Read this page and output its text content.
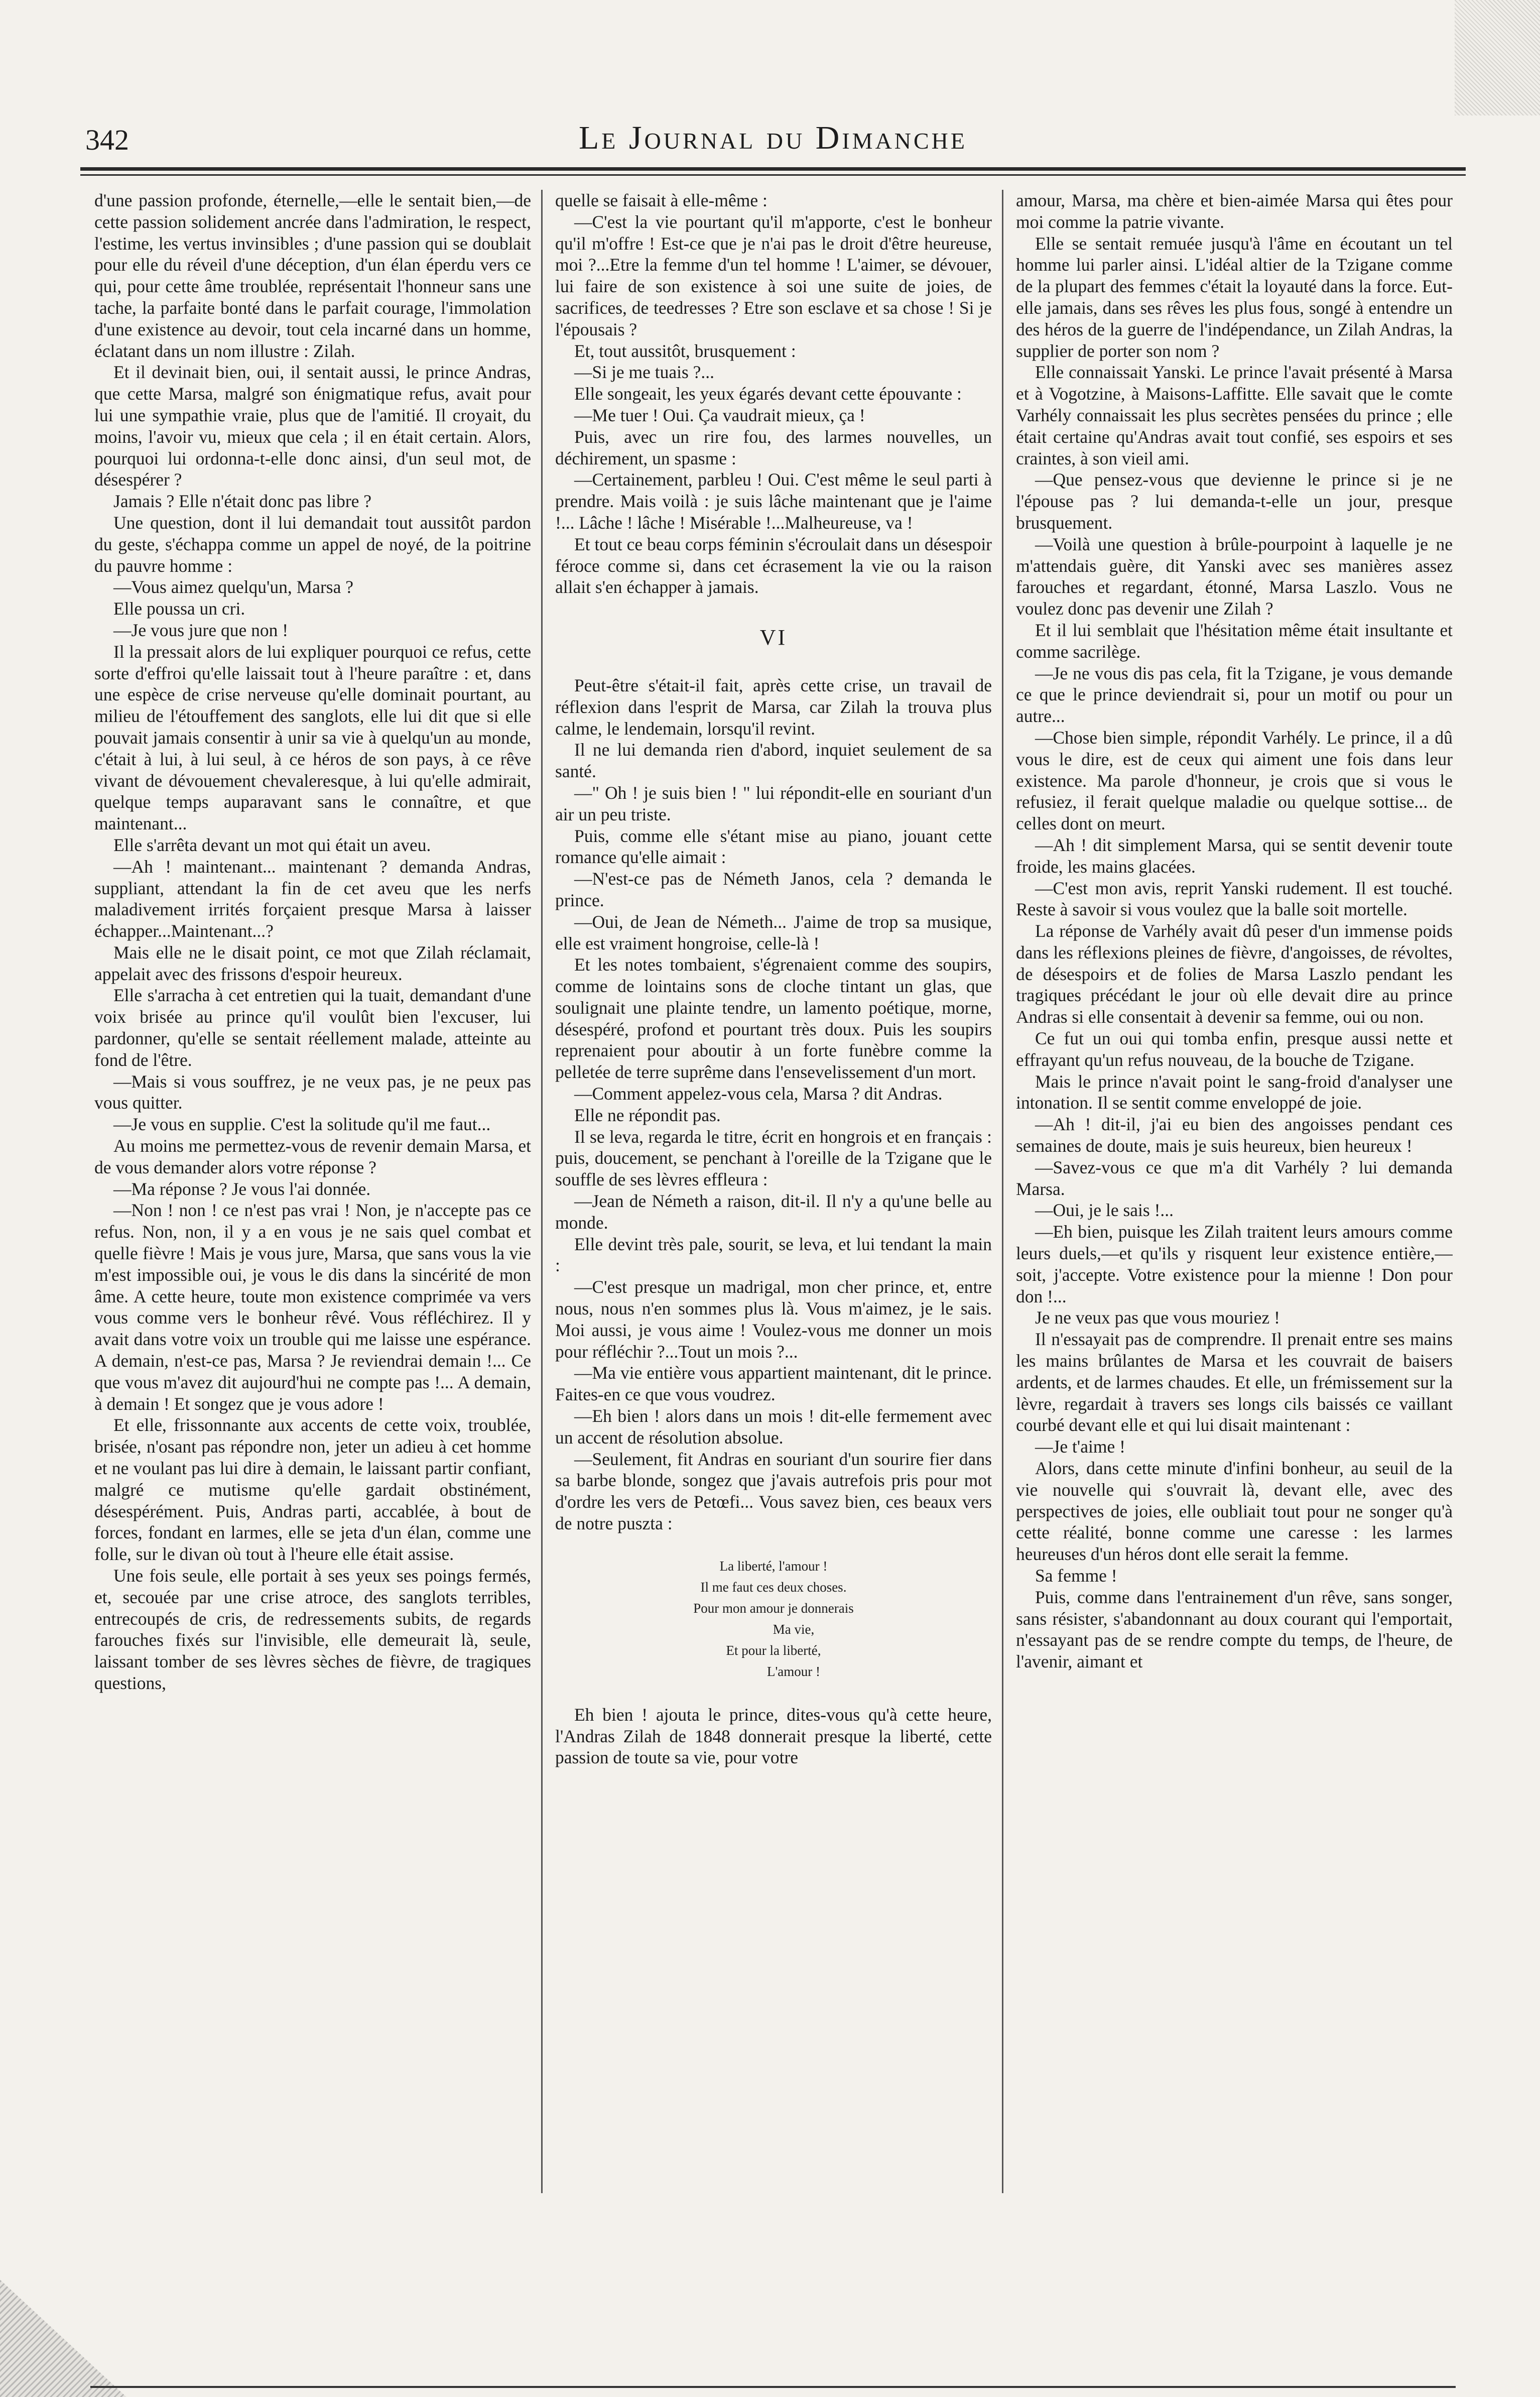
342	Le Journal du Dimanche

d'une passion profonde, éternelle,—elle le sentait bien,—de cette passion solidement ancrée dans l'admiration, le respect, l'estime, les vertus invinsibles ; d'une passion qui se doublait pour elle du réveil d'une déception, d'un élan éperdu vers ce qui, pour cette âme troublée, représentait l'honneur sans une tache, la parfaite bonté dans le parfait courage, l'immolation d'une existence au devoir, tout cela incarné dans un homme, éclatant dans un nom illustre : Zilah.

Et il devinait bien, oui, il sentait aussi, le prince Andras, que cette Marsa, malgré son énigmatique refus, avait pour lui une sympathie vraie, plus que de l'amitié. Il croyait, du moins, l'avoir vu, mieux que cela ; il en était certain. Alors, pourquoi lui ordonna-t-elle donc ainsi, d'un seul mot, de désespérer ?

Jamais ? Elle n'était donc pas libre ?

Une question, dont il lui demandait tout aussitôt pardon du geste, s'échappa comme un appel de noyé, de la poitrine du pauvre homme :

—Vous aimez quelqu'un, Marsa ?

Elle poussa un cri.

—Je vous jure que non !

Il la pressait alors de lui expliquer pourquoi ce refus, cette sorte d'effroi qu'elle laissait tout à l'heure paraître : et, dans une espèce de crise nerveuse qu'elle dominait pourtant, au milieu de l'étouffement des sanglots, elle lui dit que si elle pouvait jamais consentir à unir sa vie à quelqu'un au monde, c'était à lui, à lui seul, à ce héros de son pays, à ce rêve vivant de dévouement chevaleresque, à lui qu'elle admirait, quelque temps auparavant sans le connaître, et que maintenant...

Elle s'arrêta devant un mot qui était un aveu.

—Ah ! maintenant... maintenant ? demanda Andras, suppliant, attendant la fin de cet aveu que les nerfs maladivement irrités forçaient presque Marsa à laisser échapper...Maintenant...?

Mais elle ne le disait point, ce mot que Zilah réclamait, appelait avec des frissons d'espoir heureux.

Elle s'arracha à cet entretien qui la tuait, demandant d'une voix brisée au prince qu'il voulût bien l'excuser, lui pardonner, qu'elle se sentait réellement malade, atteinte au fond de l'être.

—Mais si vous souffrez, je ne veux pas, je ne peux pas vous quitter.

—Je vous en supplie. C'est la solitude qu'il me faut...

Au moins me permettez-vous de revenir demain Marsa, et de vous demander alors votre réponse ?

—Ma réponse ? Je vous l'ai donnée.

—Non ! non ! ce n'est pas vrai ! Non, je n'accepte pas ce refus. Non, non, il y a en vous je ne sais quel combat et quelle fièvre ! Mais je vous jure, Marsa, que sans vous la vie m'est impossible oui, je vous le dis dans la sincérité de mon âme. A cette heure, toute mon existence comprimée va vers vous comme vers le bonheur rêvé. Vous réfléchirez. Il y avait dans votre voix un trouble qui me laisse une espérance. A demain, n'est-ce pas, Marsa ? Je reviendrai demain !... Ce que vous m'avez dit aujourd'hui ne compte pas !... A demain, à demain ! Et songez que je vous adore !

Et elle, frissonnante aux accents de cette voix, troublée, brisée, n'osant pas répondre non, jeter un adieu à cet homme et ne voulant pas lui dire à demain, le laissant partir confiant, malgré ce mutisme qu'elle gardait obstinément, désespérément. Puis, Andras parti, accablée, à bout de forces, fondant en larmes, elle se jeta d'un élan, comme une folle, sur le divan où tout à l'heure elle était assise.

Une fois seule, elle portait à ses yeux ses poings fermés, et, secouée par une crise atroce, des sanglots terribles, entrecoupés de cris, de redressements subits, de regards farouches fixés sur l'invisible, elle demeurait là, seule, laissant tomber de ses lèvres sèches de fièvre, de tragiques questions,

quelle se faisait à elle-même :

—C'est la vie pourtant qu'il m'apporte, c'est le bonheur qu'il m'offre ! Est-ce que je n'ai pas le droit d'être heureuse, moi ?...Etre la femme d'un tel homme ! L'aimer, se dévouer, lui faire de son existence à soi une suite de joies, de sacrifices, de teedresses ? Etre son esclave et sa chose ! Si je l'épousais ?

Et, tout aussitôt, brusquement :

—Si je me tuais ?...

Elle songeait, les yeux égarés devant cette épouvante :

—Me tuer ! Oui. Ça vaudrait mieux, ça !

Puis, avec un rire fou, des larmes nouvelles, un déchirement, un spasme :

—Certainement, parbleu ! Oui. C'est même le seul parti à prendre. Mais voilà : je suis lâche maintenant que je l'aime !... Lâche ! lâche ! Misérable !...Malheureuse, va !

Et tout ce beau corps féminin s'écroulait dans un désespoir féroce comme si, dans cet écrasement la vie ou la raison allait s'en échapper à jamais.

VI

Peut-être s'était-il fait, après cette crise, un travail de réflexion dans l'esprit de Marsa, car Zilah la trouva plus calme, le lendemain, lorsqu'il revint.

Il ne lui demanda rien d'abord, inquiet seulement de sa santé.

—" Oh ! je suis bien ! " lui répondit-elle en souriant d'un air un peu triste.

Puis, comme elle s'étant mise au piano, jouant cette romance qu'elle aimait :

—N'est-ce pas de Németh Janos, cela ? demanda le prince.

—Oui, de Jean de Németh... J'aime de trop sa musique, elle est vraiment hongroise, celle-là !

Et les notes tombaient, s'égrenaient comme des soupirs, comme de lointains sons de cloche tintant un glas, que soulignait une plainte tendre, un lamento poétique, morne, désespéré, profond et pourtant très doux. Puis les soupirs reprenaient pour aboutir à un forte funèbre comme la pelletée de terre suprême dans l'ensevelissement d'un mort.

—Comment appelez-vous cela, Marsa ? dit Andras.

Elle ne répondit pas.

Il se leva, regarda le titre, écrit en hongrois et en français : puis, doucement, se penchant à l'oreille de la Tzigane que le souffle de ses lèvres effleura :

—Jean de Németh a raison, dit-il. Il n'y a qu'une belle au monde.

Elle devint très pale, sourit, se leva, et lui tendant la main :

—C'est presque un madrigal, mon cher prince, et, entre nous, nous n'en sommes plus là. Vous m'aimez, je le sais. Moi aussi, je vous aime ! Voulez-vous me donner un mois pour réfléchir ?...Tout un mois ?...

—Ma vie entière vous appartient maintenant, dit le prince. Faites-en ce que vous voudrez.

—Eh bien ! alors dans un mois ! dit-elle fermement avec un accent de résolution absolue.

—Seulement, fit Andras en souriant d'un sourire fier dans sa barbe blonde, songez que j'avais autrefois pris pour mot d'ordre les vers de Petœfi... Vous savez bien, ces beaux vers de notre puszta :

La liberté, l'amour !
Il me faut ces deux choses.
Pour mon amour je donnerais
Ma vie,
Et pour la liberté,
L'amour !

Eh bien ! ajouta le prince, dites-vous qu'à cette heure, l'Andras Zilah de 1848 donnerait presque la liberté, cette passion de toute sa vie, pour votre

amour, Marsa, ma chère et bien-aimée Marsa qui êtes pour moi comme la patrie vivante.

Elle se sentait remuée jusqu'à l'âme en écoutant un tel homme lui parler ainsi. L'idéal altier de la Tzigane comme de la plupart des femmes c'était la loyauté dans la force. Eut-elle jamais, dans ses rêves les plus fous, songé à entendre un des héros de la guerre de l'indépendance, un Zilah Andras, la supplier de porter son nom ?

Elle connaissait Yanski. Le prince l'avait présenté à Marsa et à Vogotzine, à Maisons-Laffitte. Elle savait que le comte Varhély connaissait les plus secrètes pensées du prince ; elle était certaine qu'Andras avait tout confié, ses espoirs et ses craintes, à son vieil ami.

—Que pensez-vous que devienne le prince si je ne l'épouse pas ? lui demanda-t-elle un jour, presque brusquement.

—Voilà une question à brûle-pourpoint à laquelle je ne m'attendais guère, dit Yanski avec ses manières assez farouches et regardant, étonné, Marsa Laszlo. Vous ne voulez donc pas devenir une Zilah ?

Et il lui semblait que l'hésitation même était insultante et comme sacrilège.

—Je ne vous dis pas cela, fit la Tzigane, je vous demande ce que le prince deviendrait si, pour un motif ou pour un autre...

—Chose bien simple, répondit Varhély. Le prince, il a dû vous le dire, est de ceux qui aiment une fois dans leur existence. Ma parole d'honneur, je crois que si vous le refusiez, il ferait quelque maladie ou quelque sottise... de celles dont on meurt.

—Ah ! dit simplement Marsa, qui se sentit devenir toute froide, les mains glacées.

—C'est mon avis, reprit Yanski rudement. Il est touché. Reste à savoir si vous voulez que la balle soit mortelle.

La réponse de Varhély avait dû peser d'un immense poids dans les réflexions pleines de fièvre, d'angoisses, de révoltes, de désespoirs et de folies de Marsa Laszlo pendant les tragiques précédant le jour où elle devait dire au prince Andras si elle consentait à devenir sa femme, oui ou non.

Ce fut un oui qui tomba enfin, presque aussi nette et effrayant qu'un refus nouveau, de la bouche de Tzigane.

Mais le prince n'avait point le sang-froid d'analyser une intonation. Il se sentit comme enveloppé de joie.

—Ah ! dit-il, j'ai eu bien des angoisses pendant ces semaines de doute, mais je suis heureux, bien heureux !

—Savez-vous ce que m'a dit Varhély ? lui demanda Marsa.

—Oui, je le sais !...

—Eh bien, puisque les Zilah traitent leurs amours comme leurs duels,—et qu'ils y risquent leur existence entière,—soit, j'accepte. Votre existence pour la mienne ! Don pour don !...

Je ne veux pas que vous mouriez !

Il n'essayait pas de comprendre. Il prenait entre ses mains les mains brûlantes de Marsa et les couvrait de baisers ardents, et de larmes chaudes. Et elle, un frémissement sur la lèvre, regardait à travers ses longs cils baissés ce vaillant courbé devant elle et qui lui disait maintenant :

—Je t'aime !

Alors, dans cette minute d'infini bonheur, au seuil de la vie nouvelle qui s'ouvrait là, devant elle, avec des perspectives de joies, elle oubliait tout pour ne songer qu'à cette réalité, bonne comme une caresse : les larmes heureuses d'un héros dont elle serait la femme.

Sa femme !

Puis, comme dans l'entrainement d'un rêve, sans songer, sans résister, s'abandonnant au doux courant qui l'emportait, n'essayant pas de se rendre compte du temps, de l'heure, de l'avenir, aimant et
